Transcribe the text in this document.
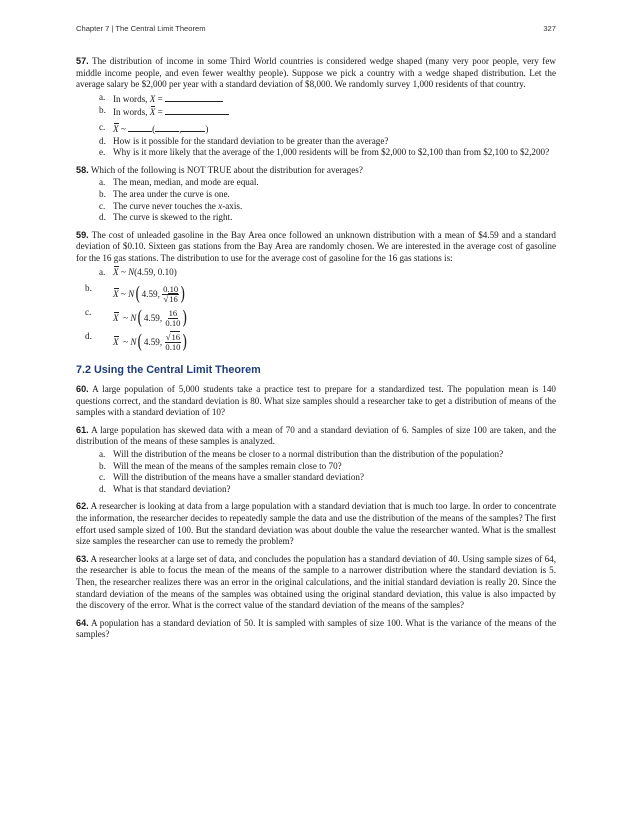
Chapter 7 | The Central Limit Theorem	327

57. The distribution of income in some Third World countries is considered wedge shaped (many very poor people, very few middle income people, and even fewer wealthy people). Suppose we pick a country with a wedge shaped distribution. Let the average salary be $2,000 per year with a standard deviation of $8,000. We randomly survey 1,000 residents of that country.

a. In words, X =
b. In words, X =
c. X ~	(	,	)
d. How is it possible for the standard deviation to be greater than the average?
e. Why is it more likely that the average of the 1,000 residents will be from $2,000 to $2,100 than from $2,100 to $2,200?

58. Which of the following is NOT TRUE about the distribution for averages?

a. The mean, median, and mode are equal.
b. The area under the curve is one.
c. The curve never touches the x-axis.
d. The curve is skewed to the right.

59. The cost of unleaded gasoline in the Bay Area once followed an unknown distribution with a mean of $4.59 and a standard deviation of $0.10. Sixteen gas stations from the Bay Area are randomly chosen. We are interested in the average cost of gasoline for the 16 gas stations. The distribution to use for the average cost of gasoline for the 16 gas stations is:

a. X ~ N(4.59, 0.10)
b.
X
~
N ( 4.59,
$\frac{0.10}{√16}$ )
c.
X
~
N ( 4.59,
$\frac{16}{0.10}$ )
d.
X
~
N ( 4.59,
$\frac{√16}{0.10}$ )
7.2 Using the Central Limit Theorem

60. A large population of 5,000 students take a practice test to prepare for a standardized test. The population mean is 140 questions correct, and the standard deviation is 80. What size samples should a researcher take to get a distribution of means of the samples with a standard deviation of 10?

61. A large population has skewed data with a mean of 70 and a standard deviation of 6. Samples of size 100 are taken, and the distribution of the means of these samples is analyzed.

a. Will the distribution of the means be closer to a normal distribution than the distribution of the population?
b. Will the mean of the means of the samples remain close to 70?
c. Will the distribution of the means have a smaller standard deviation?
d. What is that standard deviation?

62. A researcher is looking at data from a large population with a standard deviation that is much too large. In order to concentrate the information, the researcher decides to repeatedly sample the data and use the distribution of the means of the samples? The first effort used sample sized of 100. But the standard deviation was about double the value the researcher wanted. What is the smallest size samples the researcher can use to remedy the problem?

63. A researcher looks at a large set of data, and concludes the population has a standard deviation of 40. Using sample sizes of 64, the researcher is able to focus the mean of the means of the sample to a narrower distribution where the standard deviation is 5. Then, the researcher realizes there was an error in the original calculations, and the initial standard deviation is really 20. Since the standard deviation of the means of the samples was obtained using the original standard deviation, this value is also impacted by the discovery of the error. What is the correct value of the standard deviation of the means of the samples?

64. A population has a standard deviation of 50. It is sampled with samples of size 100. What is the variance of the means of the samples?
